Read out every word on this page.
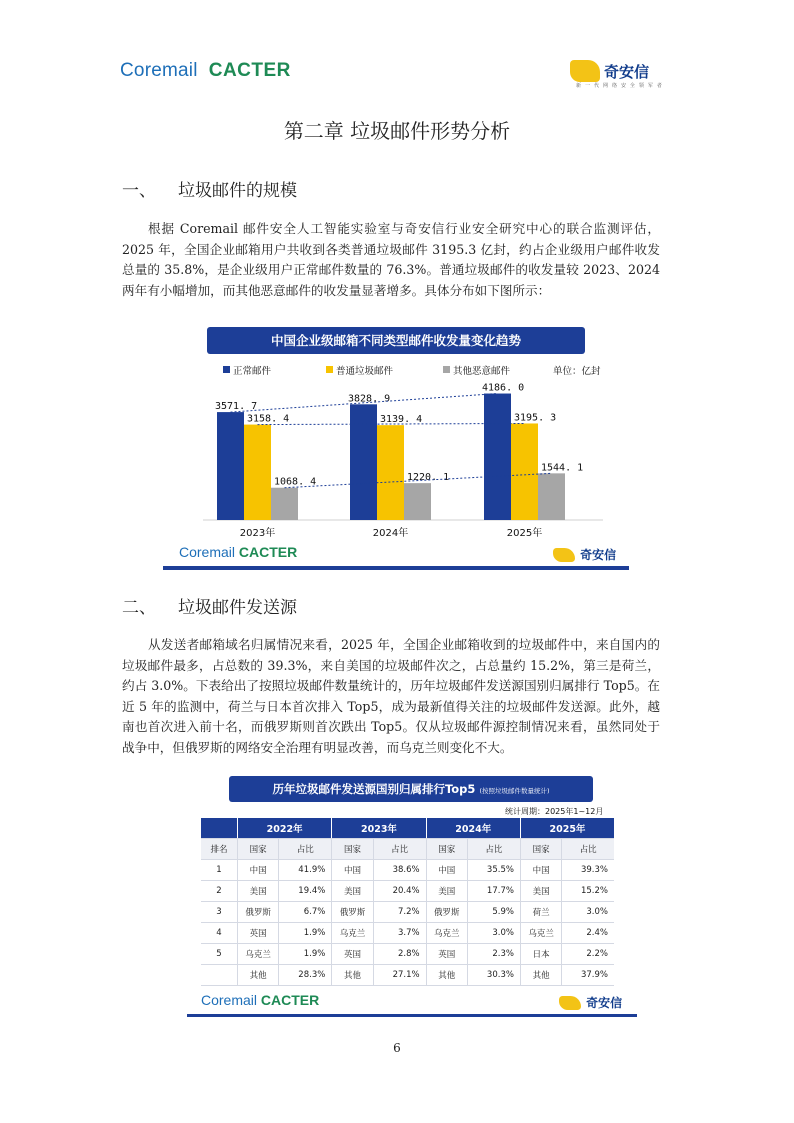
Coremail CACTER	奇安信
新 一 代 网 络 安 全 领 军 者
第二章 垃圾邮件形势分析
一、 垃圾邮件的规模
根据 Coremail 邮件安全人工智能实验室与奇安信行业安全研究中心的联合监测评估，2025 年，全国企业邮箱用户共收到各类普通垃圾邮件 3195.3 亿封，约占企业级用户邮件收发总量的 35.8%，是企业级用户正常邮件数量的 76.3%。普通垃圾邮件的收发量较 2023、2024 两年有小幅增加，而其他恶意邮件的收发量显著增多。具体分布如下图所示：
中国企业级邮箱不同类型邮件收发量变化趋势
正常邮件	普通垃圾邮件	其他恶意邮件	单位：亿封
3571. 7
3158. 4
1068. 4
2023年
3828. 9
3139. 4
1220. 1
2024年
4186. 0
3195. 3
1544. 1
2025年
Coremail CACTER	奇安信
二、 垃圾邮件发送源
从发送者邮箱域名归属情况来看，2025 年，全国企业邮箱收到的垃圾邮件中，来自国内的垃圾邮件最多，占总数的 39.3%，来自美国的垃圾邮件次之，占总量约 15.2%，第三是荷兰，约占 3.0%。下表给出了按照垃圾邮件数量统计的，历年垃圾邮件发送源国别归属排行 Top5。在近 5 年的监测中，荷兰与日本首次排入 Top5，成为最新值得关注的垃圾邮件发送源。此外，越南也首次进入前十名，而俄罗斯则首次跌出 Top5。仅从垃圾邮件源控制情况来看，虽然同处于战争中，但俄罗斯的网络安全治理有明显改善，而乌克兰则变化不大。
历年垃圾邮件发送源国别归属排行Top5 (按照垃圾邮件数量统计)
统计周期：2025年1~12月
	2022年		2023年		2024年		2025年	
排名	国家	占比	国家	占比	国家	占比	国家	占比
1	中国	41.9%	中国	38.6%	中国	35.5%	中国	39.3%
2	美国	19.4%	美国	20.4%	美国	17.7%	美国	15.2%
3	俄罗斯	6.7%	俄罗斯	7.2%	俄罗斯	5.9%	荷兰	3.0%
4	英国	1.9%	乌克兰	3.7%	乌克兰	3.0%	乌克兰	2.4%
5	乌克兰	1.9%	英国	2.8%	英国	2.3%	日本	2.2%
	其他	28.3%	其他	27.1%	其他	30.3%	其他	37.9%
Coremail CACTER	奇安信
6
